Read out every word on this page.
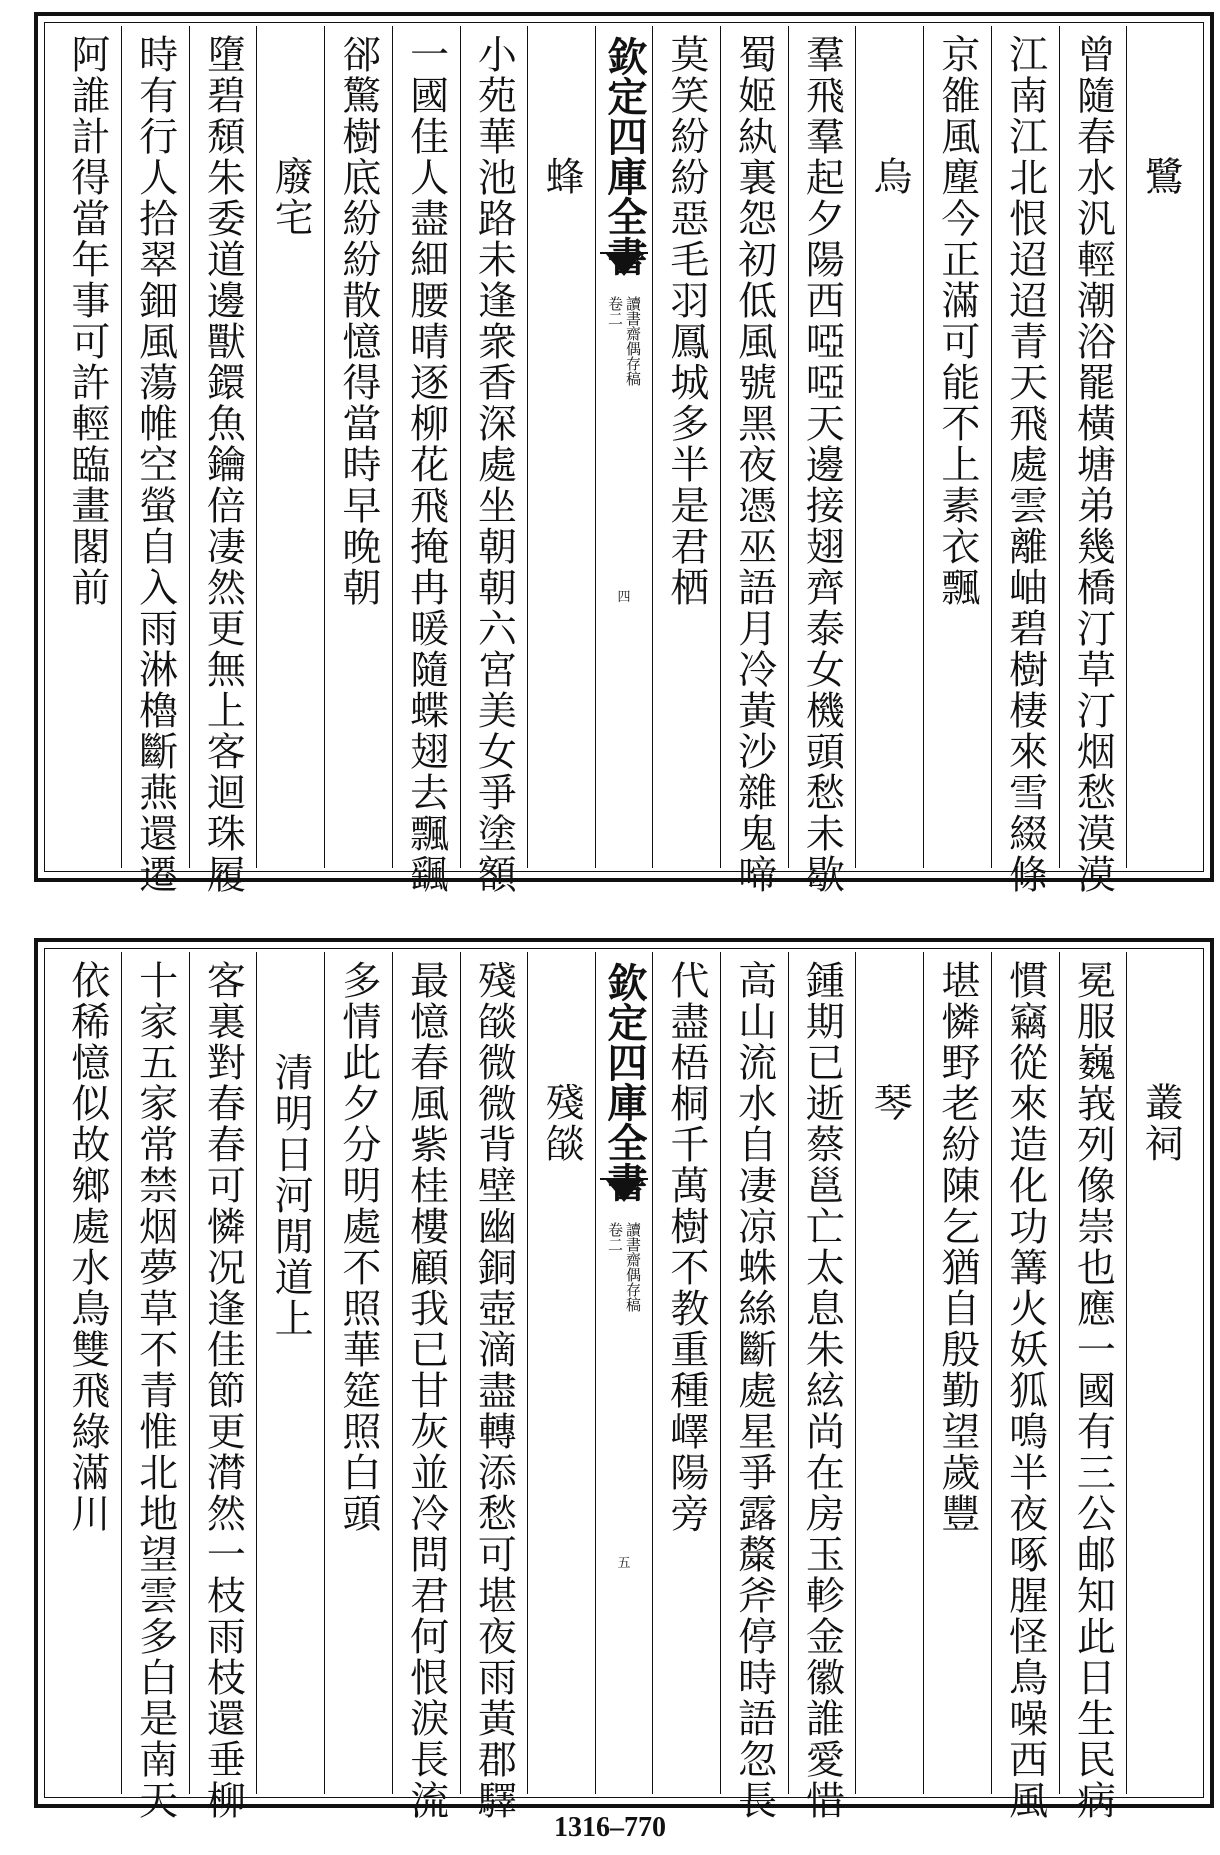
鷺
曾隨春水汎輕潮浴罷橫塘弟幾橋汀草汀烟愁漠漠
江南江北恨迢迢青天飛處雲離岫碧樹棲來雪綴條
京雒風塵今正滿可能不上素衣飄
烏
羣飛羣起夕陽西啞啞天邊接翅齊泰女機頭愁未歇
蜀姬紈裏怨初低風號黑夜憑巫語月冷黃沙雜鬼啼
莫笑紛紛惡毛羽鳳城多半是君栖
欽定四庫全書
讀書齋偶存稿
卷二
四
蜂
小苑華池路未逢衆香深處坐朝朝六宮美女爭塗額
一國佳人盡細腰晴逐柳花飛掩冉暖隨蝶翅去飄颻
郤驚樹底紛紛散憶得當時早晚朝
廢宅
墮碧頹朱委道邊獸鐶魚鑰倍凄然更無上客迴珠履
時有行人拾翠鈿風蕩帷空螢自入雨淋櫓斷燕還遷
阿誰計得當年事可許輕臨畫閣前
叢祠
冕服巍峩列像崇也應一國有三公邮知此日生民病
慣竊從來造化功篝火妖狐鳴半夜啄腥怪鳥噪西風
堪憐野老紛陳乞猶自殷勤望歲豐
琴
鍾期已逝蔡邕亡太息朱絃尚在房玉軫金徽誰愛惜
高山流水自凄凉蛛絲斷處星爭露斄斧停時語忽長
代盡梧桐千萬樹不教重種嶧陽旁
欽定四庫全書
讀書齋偶存稿
卷二
五
殘燄
殘燄微微背壁幽銅壺滴盡轉添愁可堪夜雨黃郡驛
最憶春風紫桂樓顧我已甘灰並冷問君何恨淚長流
多情此夕分明處不照華筵照白頭
清明日河閒道上
客裏對春春可憐况逢佳節更潸然一枝雨枝還垂柳
十家五家常禁烟夢草不青惟北地望雲多白是南天
依稀憶似故鄉處水鳥雙飛綠滿川
1316–770
